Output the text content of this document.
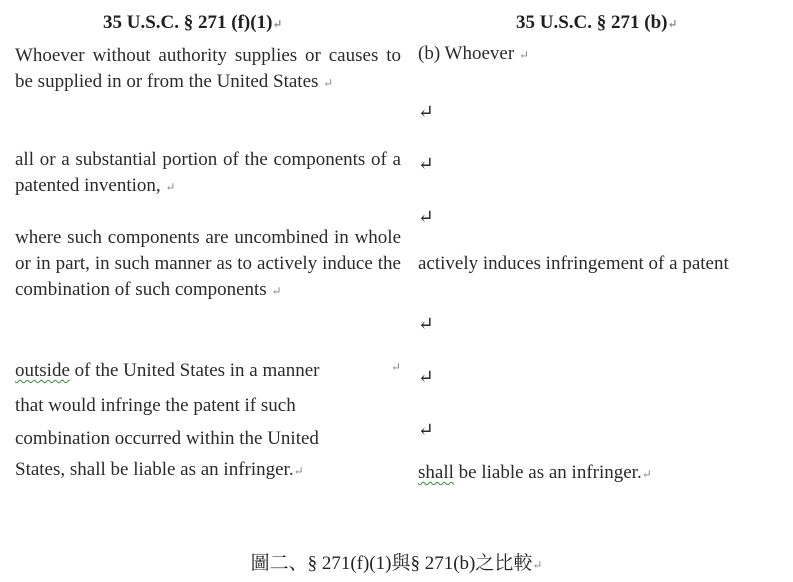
35 U.S.C. § 271 (f)(1)↵	35 U.S.C. § 271 (b)↵
Whoever without authority supplies or causes to be supplied in or from the United States ↵
all or a substantial portion of the components of a patented invention, ↵
where such components are uncombined in whole or in part, in such manner as to actively induce the combination of such components ↵
outside of the United States in a manner	↵
that would infringe the patent if such
combination occurred within the United
States, shall be liable as an infringer.↵
(b) Whoever ↵
↵
↵
↵
actively induces infringement of a patent
↵
↵
↵
shall be liable as an infringer.↵
圖二、§ 271(f)(1)與§ 271(b)之比較↵
